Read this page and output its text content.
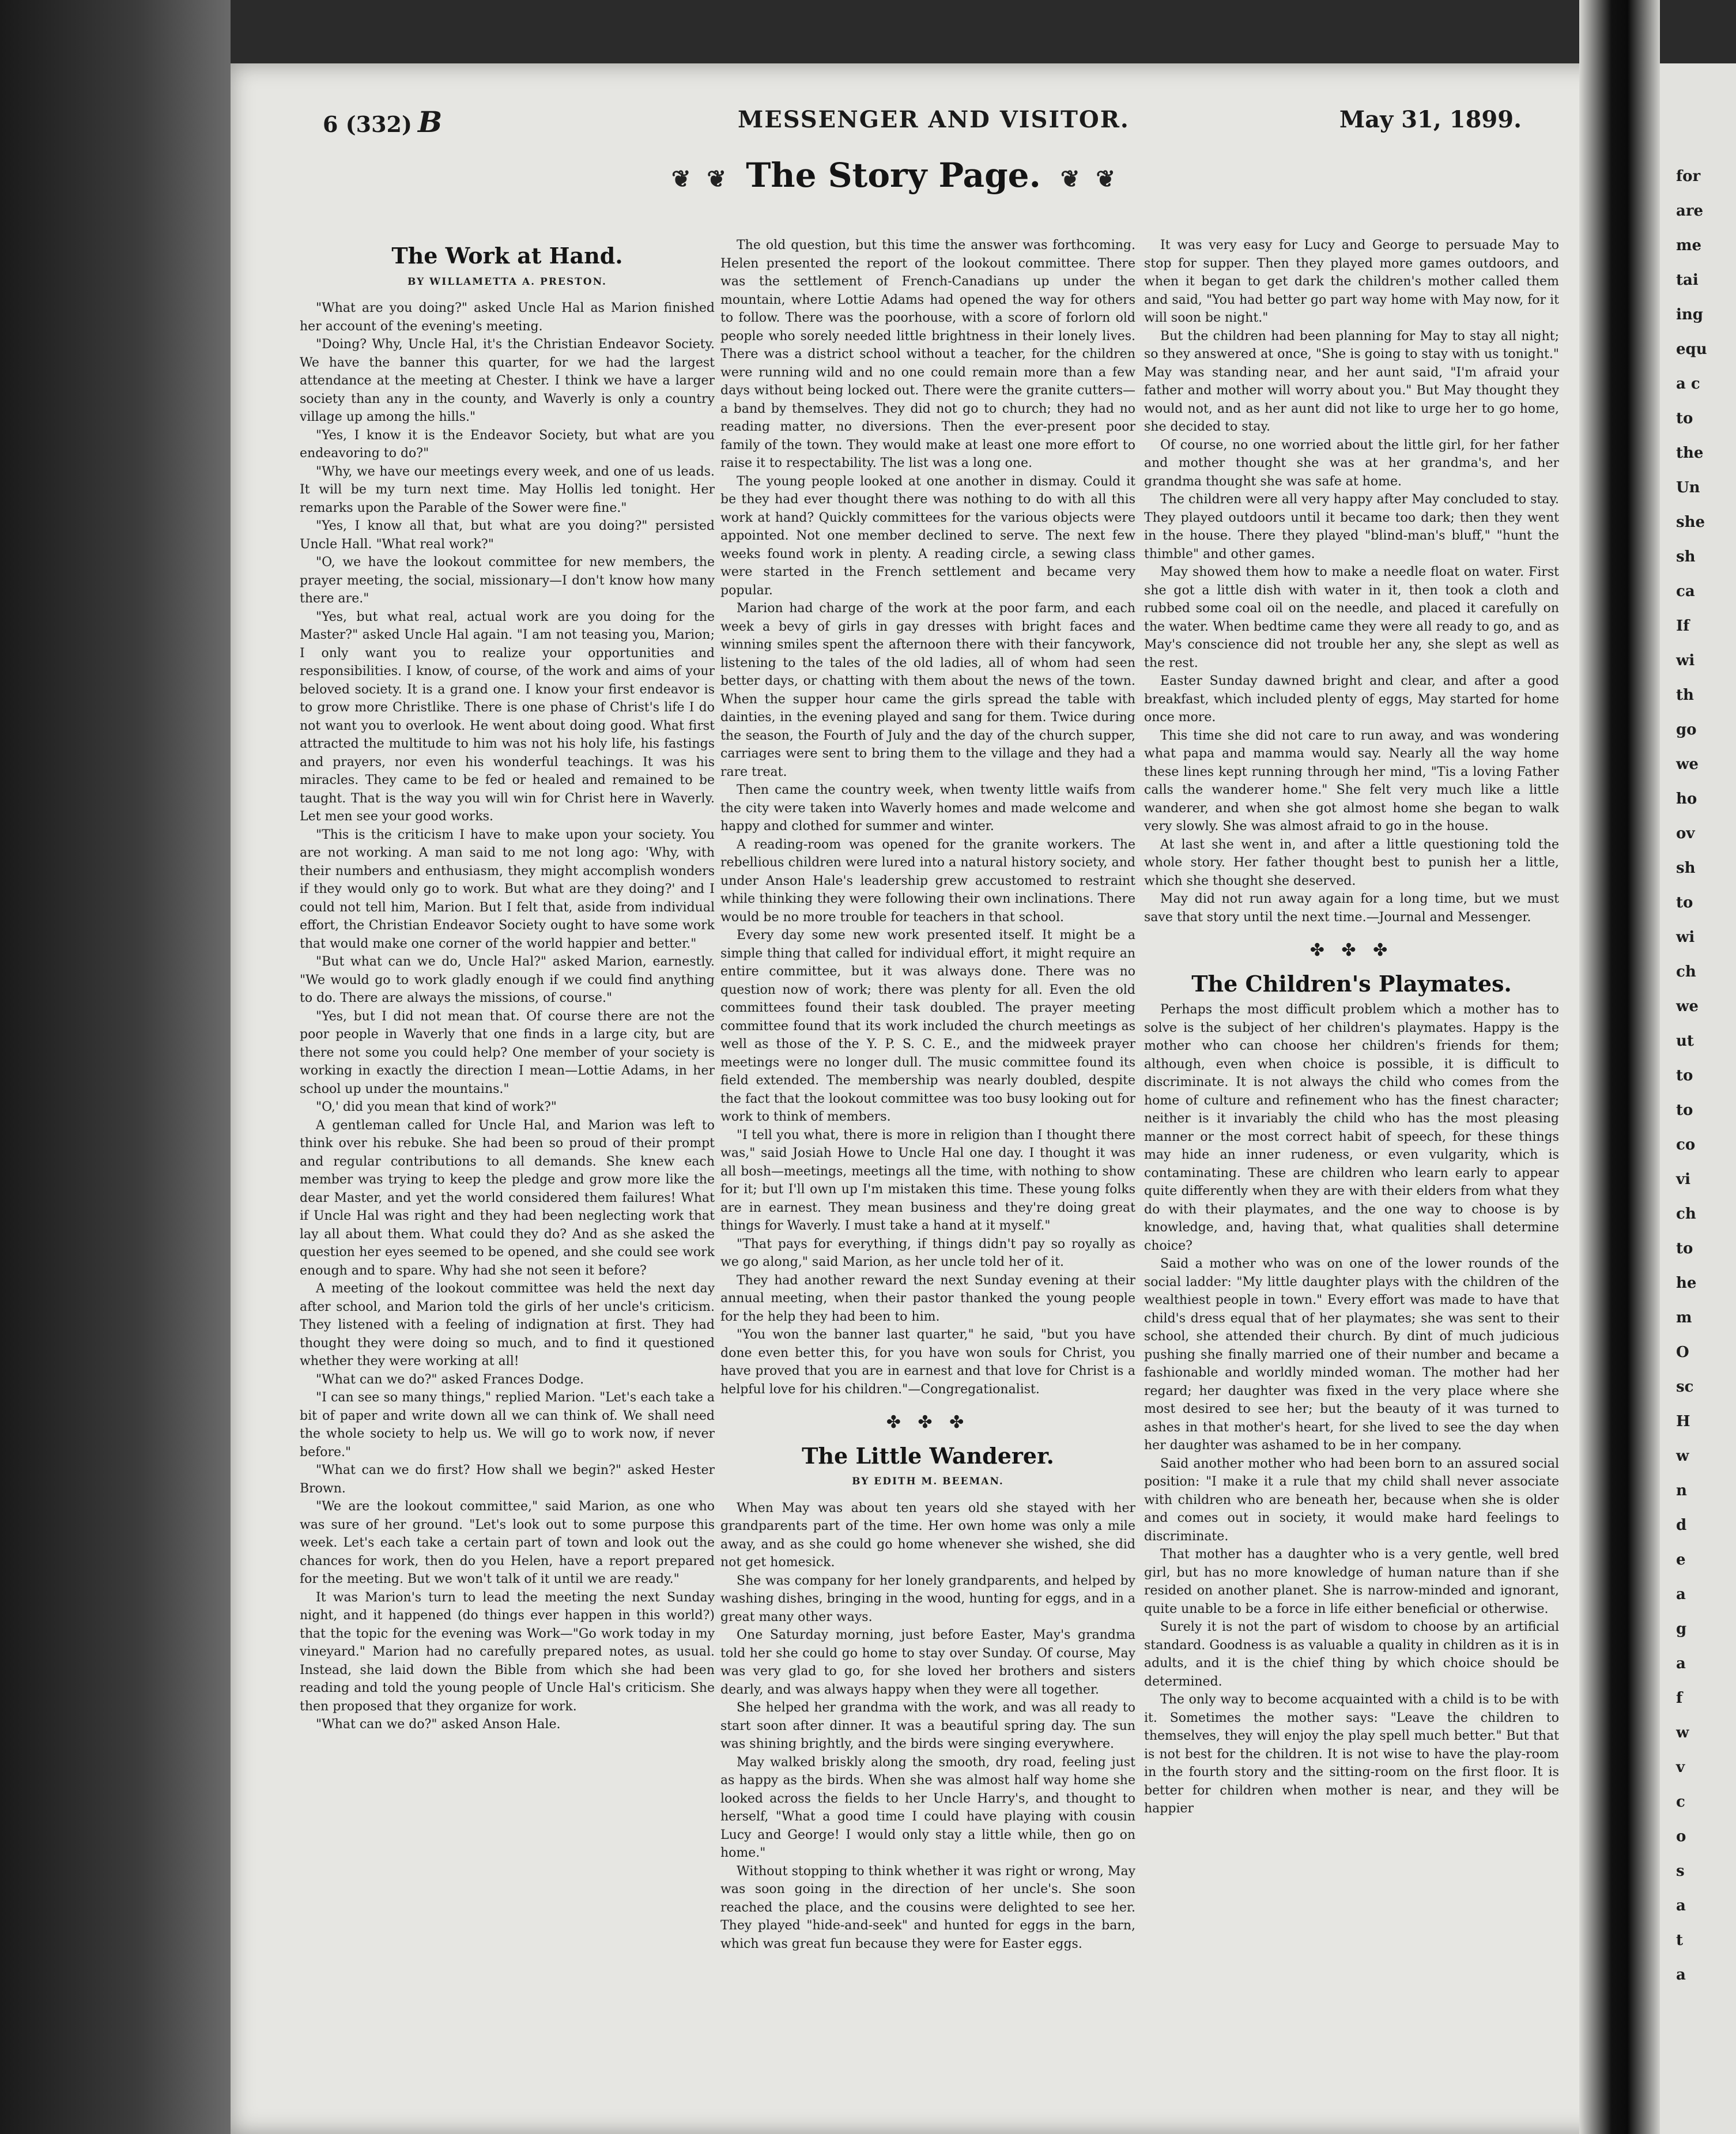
for
are
me
tai
ing
equ
a c
to
the
Un
she
sh
ca
If
wi
th
go
we
ho
ov
sh
to
wi
ch
we
ut
to
to
co
vi
ch
to
he
m
O
sc
H
w
n
d
e
a
g
a
f
w
v
c
o
s
a
t
a
6 (332) B	MESSENGER AND VISITOR.	May 31, 1899.
❦ ❦ The Story Page. ❦ ❦
The Work at Hand.
BY WILLAMETTA A. PRESTON.

"What are you doing?" asked Uncle Hal as Marion finished her account of the evening's meeting.

"Doing? Why, Uncle Hal, it's the Christian Endeavor Society. We have the banner this quarter, for we had the largest attendance at the meeting at Chester. I think we have a larger society than any in the county, and Waverly is only a country village up among the hills."

"Yes, I know it is the Endeavor Society, but what are you endeavoring to do?"

"Why, we have our meetings every week, and one of us leads. It will be my turn next time. May Hollis led tonight. Her remarks upon the Parable of the Sower were fine."

"Yes, I know all that, but what are you doing?" persisted Uncle Hall. "What real work?"

"O, we have the lookout committee for new members, the prayer meeting, the social, missionary—I don't know how many there are."

"Yes, but what real, actual work are you doing for the Master?" asked Uncle Hal again. "I am not teasing you, Marion; I only want you to realize your opportunities and responsibilities. I know, of course, of the work and aims of your beloved society. It is a grand one. I know your first endeavor is to grow more Christlike. There is one phase of Christ's life I do not want you to overlook. He went about doing good. What first attracted the multitude to him was not his holy life, his fastings and prayers, nor even his wonderful teachings. It was his miracles. They came to be fed or healed and remained to be taught. That is the way you will win for Christ here in Waverly. Let men see your good works.

"This is the criticism I have to make upon your society. You are not working. A man said to me not long ago: 'Why, with their numbers and enthusiasm, they might accomplish wonders if they would only go to work. But what are they doing?' and I could not tell him, Marion. But I felt that, aside from individual effort, the Christian Endeavor Society ought to have some work that would make one corner of the world happier and better."

"But what can we do, Uncle Hal?" asked Marion, earnestly. "We would go to work gladly enough if we could find anything to do. There are always the missions, of course."

"Yes, but I did not mean that. Of course there are not the poor people in Waverly that one finds in a large city, but are there not some you could help? One member of your society is working in exactly the direction I mean—Lottie Adams, in her school up under the mountains."

"O,' did you mean that kind of work?"

A gentleman called for Uncle Hal, and Marion was left to think over his rebuke. She had been so proud of their prompt and regular contributions to all demands. She knew each member was trying to keep the pledge and grow more like the dear Master, and yet the world considered them failures! What if Uncle Hal was right and they had been neglecting work that lay all about them. What could they do? And as she asked the question her eyes seemed to be opened, and she could see work enough and to spare. Why had she not seen it before?

A meeting of the lookout committee was held the next day after school, and Marion told the girls of her uncle's criticism. They listened with a feeling of indignation at first. They had thought they were doing so much, and to find it questioned whether they were working at all!

"What can we do?" asked Frances Dodge.

"I can see so many things," replied Marion. "Let's each take a bit of paper and write down all we can think of. We shall need the whole society to help us. We will go to work now, if never before."

"What can we do first? How shall we begin?" asked Hester Brown.

"We are the lookout committee," said Marion, as one who was sure of her ground. "Let's look out to some purpose this week. Let's each take a certain part of town and look out the chances for work, then do you Helen, have a report prepared for the meeting. But we won't talk of it until we are ready."

It was Marion's turn to lead the meeting the next Sunday night, and it happened (do things ever happen in this world?) that the topic for the evening was Work—"Go work today in my vineyard." Marion had no carefully prepared notes, as usual. Instead, she laid down the Bible from which she had been reading and told the young people of Uncle Hal's criticism. She then proposed that they organize for work.

"What can we do?" asked Anson Hale.

The old question, but this time the answer was forthcoming. Helen presented the report of the lookout committee. There was the settlement of French-Canadians up under the mountain, where Lottie Adams had opened the way for others to follow. There was the poorhouse, with a score of forlorn old people who sorely needed little brightness in their lonely lives. There was a district school without a teacher, for the children were running wild and no one could remain more than a few days without being locked out. There were the granite cutters—a band by themselves. They did not go to church; they had no reading matter, no diversions. Then the ever-present poor family of the town. They would make at least one more effort to raise it to respectability. The list was a long one.

The young people looked at one another in dismay. Could it be they had ever thought there was nothing to do with all this work at hand? Quickly committees for the various objects were appointed. Not one member declined to serve. The next few weeks found work in plenty. A reading circle, a sewing class were started in the French settlement and became very popular.

Marion had charge of the work at the poor farm, and each week a bevy of girls in gay dresses with bright faces and winning smiles spent the afternoon there with their fancywork, listening to the tales of the old ladies, all of whom had seen better days, or chatting with them about the news of the town. When the supper hour came the girls spread the table with dainties, in the evening played and sang for them. Twice during the season, the Fourth of July and the day of the church supper, carriages were sent to bring them to the village and they had a rare treat.

Then came the country week, when twenty little waifs from the city were taken into Waverly homes and made welcome and happy and clothed for summer and winter.

A reading-room was opened for the granite workers. The rebellious children were lured into a natural history society, and under Anson Hale's leadership grew accustomed to restraint while thinking they were following their own inclinations. There would be no more trouble for teachers in that school.

Every day some new work presented itself. It might be a simple thing that called for individual effort, it might require an entire committee, but it was always done. There was no question now of work; there was plenty for all. Even the old committees found their task doubled. The prayer meeting committee found that its work included the church meetings as well as those of the Y. P. S. C. E., and the midweek prayer meetings were no longer dull. The music committee found its field extended. The membership was nearly doubled, despite the fact that the lookout committee was too busy looking out for work to think of members.

"I tell you what, there is more in religion than I thought there was," said Josiah Howe to Uncle Hal one day. I thought it was all bosh—meetings, meetings all the time, with nothing to show for it; but I'll own up I'm mistaken this time. These young folks are in earnest. They mean business and they're doing great things for Waverly. I must take a hand at it myself."

"That pays for everything, if things didn't pay so royally as we go along," said Marion, as her uncle told her of it.

They had another reward the next Sunday evening at their annual meeting, when their pastor thanked the young people for the help they had been to him.

"You won the banner last quarter," he said, "but you have done even better this, for you have won souls for Christ, you have proved that you are in earnest and that love for Christ is a helpful love for his children."—Congregationalist.

✤ ✤ ✤
The Little Wanderer.
BY EDITH M. BEEMAN.

When May was about ten years old she stayed with her grandparents part of the time. Her own home was only a mile away, and as she could go home whenever she wished, she did not get homesick.

She was company for her lonely grandparents, and helped by washing dishes, bringing in the wood, hunting for eggs, and in a great many other ways.

One Saturday morning, just before Easter, May's grandma told her she could go home to stay over Sunday. Of course, May was very glad to go, for she loved her brothers and sisters dearly, and was always happy when they were all together.

She helped her grandma with the work, and was all ready to start soon after dinner. It was a beautiful spring day. The sun was shining brightly, and the birds were singing everywhere.

May walked briskly along the smooth, dry road, feeling just as happy as the birds. When she was almost half way home she looked across the fields to her Uncle Harry's, and thought to herself, "What a good time I could have playing with cousin Lucy and George! I would only stay a little while, then go on home."

Without stopping to think whether it was right or wrong, May was soon going in the direction of her uncle's. She soon reached the place, and the cousins were delighted to see her. They played "hide-and-seek" and hunted for eggs in the barn, which was great fun because they were for Easter eggs.

It was very easy for Lucy and George to persuade May to stop for supper. Then they played more games outdoors, and when it began to get dark the children's mother called them and said, "You had better go part way home with May now, for it will soon be night."

But the children had been planning for May to stay all night; so they answered at once, "She is going to stay with us tonight." May was standing near, and her aunt said, "I'm afraid your father and mother will worry about you." But May thought they would not, and as her aunt did not like to urge her to go home, she decided to stay.

Of course, no one worried about the little girl, for her father and mother thought she was at her grandma's, and her grandma thought she was safe at home.

The children were all very happy after May concluded to stay. They played outdoors until it became too dark; then they went in the house. There they played "blind-man's bluff," "hunt the thimble" and other games.

May showed them how to make a needle float on water. First she got a little dish with water in it, then took a cloth and rubbed some coal oil on the needle, and placed it carefully on the water. When bedtime came they were all ready to go, and as May's conscience did not trouble her any, she slept as well as the rest.

Easter Sunday dawned bright and clear, and after a good breakfast, which included plenty of eggs, May started for home once more.

This time she did not care to run away, and was wondering what papa and mamma would say. Nearly all the way home these lines kept running through her mind, "Tis a loving Father calls the wanderer home." She felt very much like a little wanderer, and when she got almost home she began to walk very slowly. She was almost afraid to go in the house.

At last she went in, and after a little questioning told the whole story. Her father thought best to punish her a little, which she thought she deserved.

May did not run away again for a long time, but we must save that story until the next time.—Journal and Messenger.

✤ ✤ ✤
The Children's Playmates.

Perhaps the most difficult problem which a mother has to solve is the subject of her children's playmates. Happy is the mother who can choose her children's friends for them; although, even when choice is possible, it is difficult to discriminate. It is not always the child who comes from the home of culture and refinement who has the finest character; neither is it invariably the child who has the most pleasing manner or the most correct habit of speech, for these things may hide an inner rudeness, or even vulgarity, which is contaminating. These are children who learn early to appear quite differently when they are with their elders from what they do with their playmates, and the one way to choose is by knowledge, and, having that, what qualities shall determine choice?

Said a mother who was on one of the lower rounds of the social ladder: "My little daughter plays with the children of the wealthiest people in town." Every effort was made to have that child's dress equal that of her playmates; she was sent to their school, she attended their church. By dint of much judicious pushing she finally married one of their number and became a fashionable and worldly minded woman. The mother had her regard; her daughter was fixed in the very place where she most desired to see her; but the beauty of it was turned to ashes in that mother's heart, for she lived to see the day when her daughter was ashamed to be in her company.

Said another mother who had been born to an assured social position: "I make it a rule that my child shall never associate with children who are beneath her, because when she is older and comes out in society, it would make hard feelings to discriminate.

That mother has a daughter who is a very gentle, well bred girl, but has no more knowledge of human nature than if she resided on another planet. She is narrow-minded and ignorant, quite unable to be a force in life either beneficial or otherwise.

Surely it is not the part of wisdom to choose by an artificial standard. Goodness is as valuable a quality in children as it is in adults, and it is the chief thing by which choice should be determined.

The only way to become acquainted with a child is to be with it. Sometimes the mother says: "Leave the children to themselves, they will enjoy the play spell much better." But that is not best for the children. It is not wise to have the play-room in the fourth story and the sitting-room on the first floor. It is better for children when mother is near, and they will be happier
